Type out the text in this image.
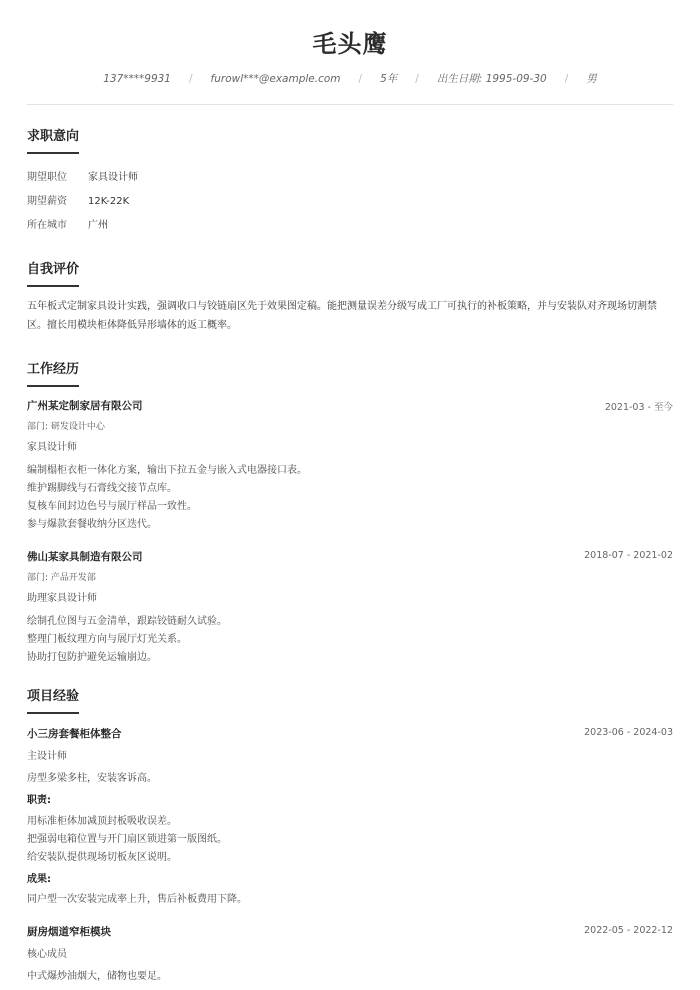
毛头鹰
137****9931 / furowl***@example.com / 5年 / 出生日期: 1995-09-30 / 男
求职意向
期望职位 家具设计师
期望薪资 12K-22K
所在城市 广州
自我评价
五年板式定制家具设计实践，强调收口与铰链扇区先于效果图定稿。能把测量误差分级写成工厂可执行的补板策略，并与安装队对齐现场切割禁区。擅长用模块柜体降低异形墙体的返工概率。
工作经历
广州某定制家居有限公司	2021-03 - 至今
部门: 研发设计中心
家具设计师
编制榻柜衣柜一体化方案，输出下拉五金与嵌入式电器接口表。
维护踢脚线与石膏线交接节点库。
复核车间封边色号与展厅样品一致性。
参与爆款套餐收纳分区迭代。
佛山某家具制造有限公司	2018-07 - 2021-02
部门: 产品开发部
助理家具设计师
绘制孔位图与五金清单，跟踪铰链耐久试验。
整理门板纹理方向与展厅灯光关系。
协助打包防护避免运输崩边。
项目经验
小三房套餐柜体整合	2023-06 - 2024-03
主设计师
房型多梁多柱，安装客诉高。
职责:
用标准柜体加减顶封板吸收误差。
把强弱电箱位置与开门扇区锁进第一版图纸。
给安装队提供现场切板灰区说明。
成果:
同户型一次安装完成率上升，售后补板费用下降。
厨房烟道窄柜模块	2022-05 - 2022-12
核心成员
中式爆炒油烟大，储物也要足。
